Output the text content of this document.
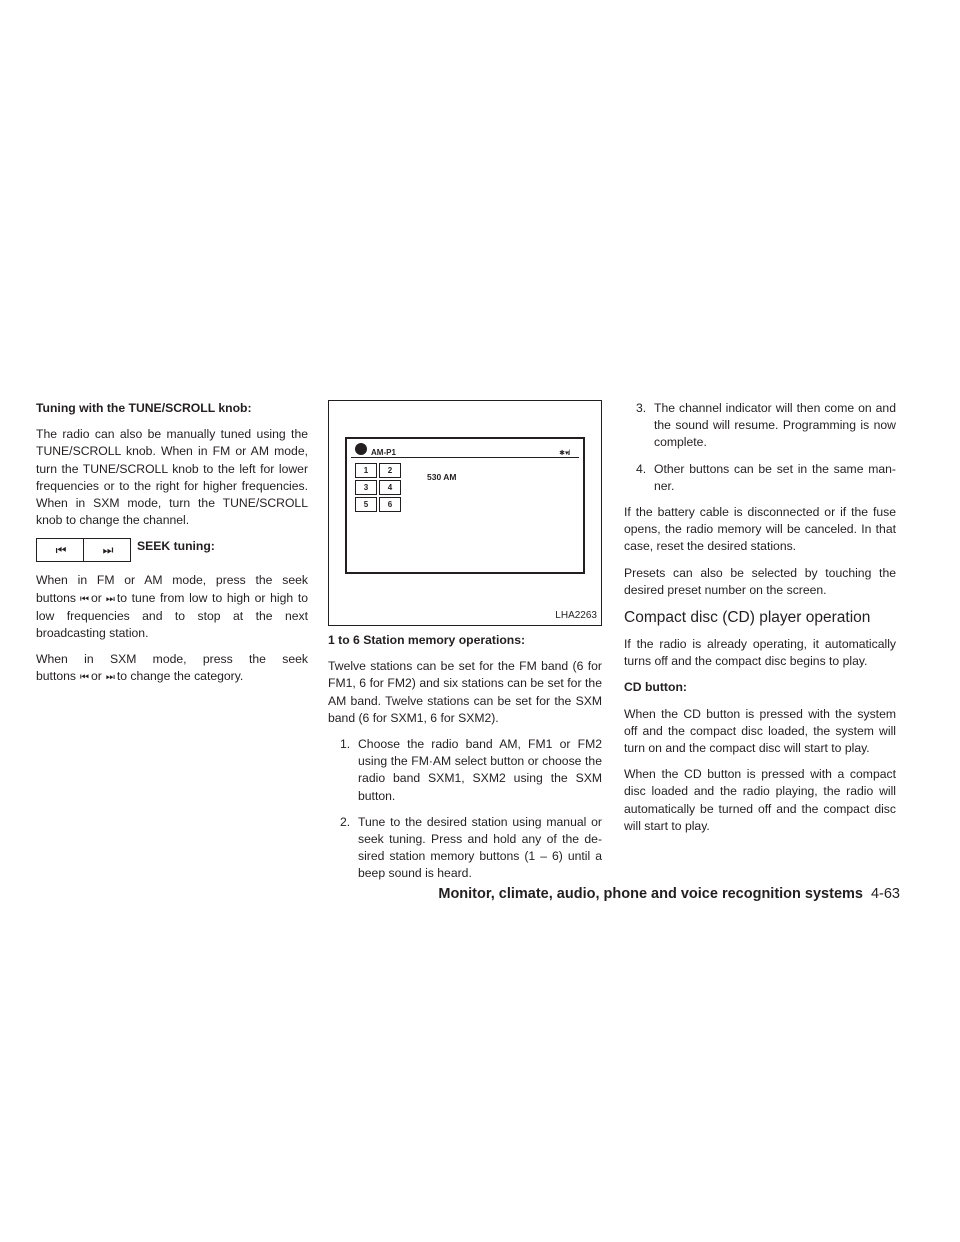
Tuning with the TUNE/SCROLL knob:

The radio can also be manually tuned using the TUNE/SCROLL knob. When in FM or AM mode, turn the TUNE/SCROLL knob to the left for lower frequencies or to the right for higher frequencies. When in SXM mode, turn the TUNE/SCROLL knob to change the channel.

⏮	⏭	SEEK tuning:

When in FM or AM mode, press the seek
buttons ⏮ or ⏭ to tune from low to high or high to low frequencies and to stop at the next broadcasting station.

When in SXM mode, press the seek
buttons ⏮ or ⏭ to change the category.

AM-P1	✱ ▾ıl
1	2
3	4
5	6
530 AM
LHA2263
1 to 6 Station memory operations:

Twelve stations can be set for the FM band (6 for FM1, 6 for FM2) and six stations can be set for the AM band. Twelve stations can be set for the SXM band (6 for SXM1, 6 for SXM2).

1. Choose the radio band AM, FM1 or FM2 using the FM·AM select button or choose the radio band SXM1, SXM2 using the SXM button.
2. Tune to the desired station using manual or seek tuning. Press and hold any of the de- sired station memory buttons (1 – 6) until a beep sound is heard.
3. The channel indicator will then come on and the sound will resume. Programming is now complete.
4. Other buttons can be set in the same man- ner.

If the battery cable is disconnected or if the fuse opens, the radio memory will be canceled. In that case, reset the desired stations.

Presets can also be selected by touching the desired preset number on the screen.

Compact disc (CD) player operation

If the radio is already operating, it automatically turns off and the compact disc begins to play.

CD button:

When the CD button is pressed with the system off and the compact disc loaded, the system will turn on and the compact disc will start to play.

When the CD button is pressed with a compact disc loaded and the radio playing, the radio will automatically be turned off and the compact disc will start to play.

Monitor, climate, audio, phone and voice recognition systems 4-63
